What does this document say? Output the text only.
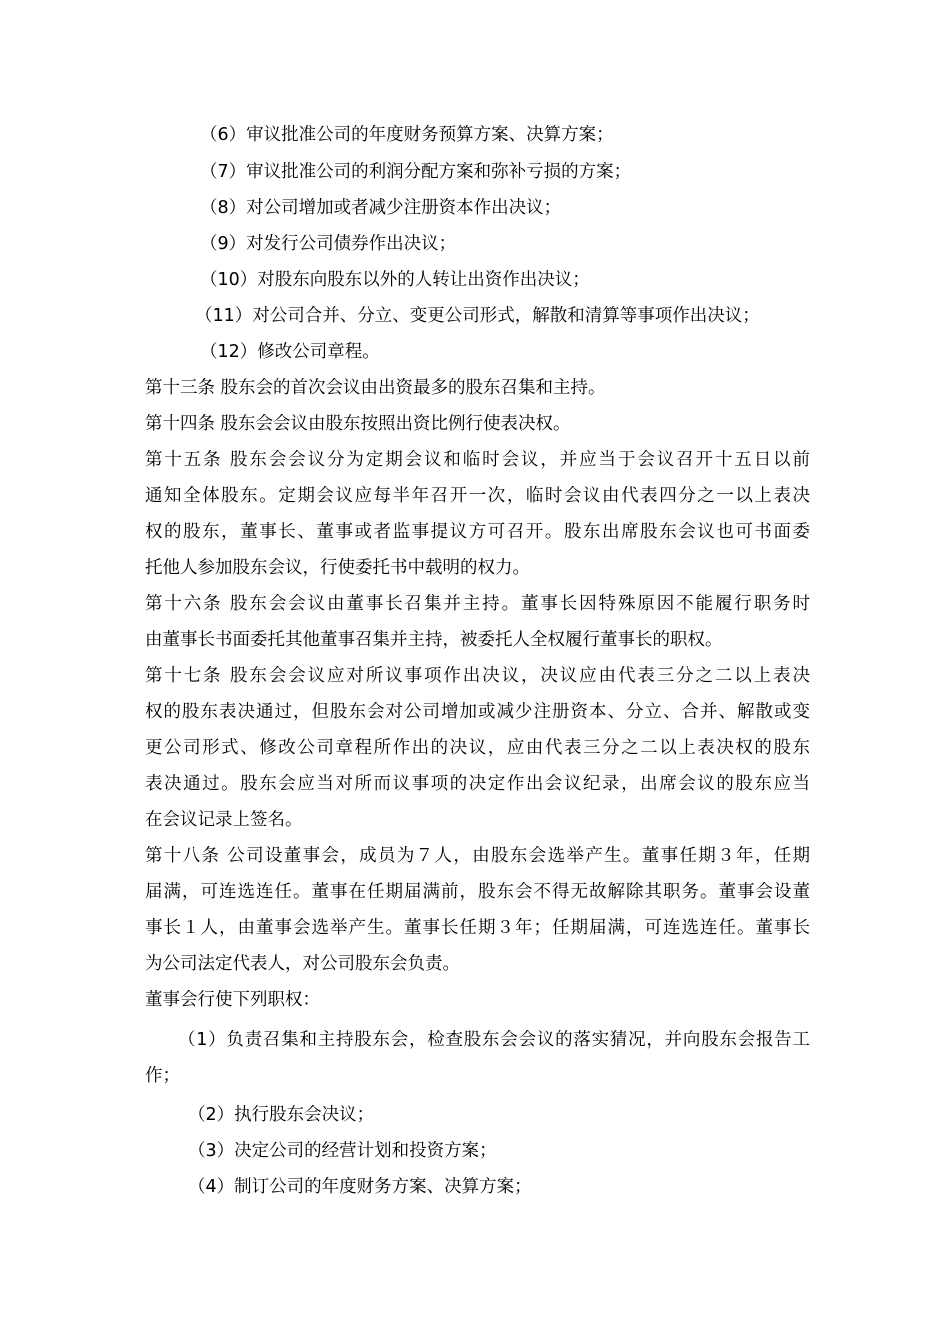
（6）审议批准公司的年度财务预算方案、决算方案；
（7）审议批准公司的利润分配方案和弥补亏损的方案；
（8）对公司增加或者减少注册资本作出决议；
（9）对发行公司债券作出决议；
（10）对股东向股东以外的人转让出资作出决议；
（11）对公司合并、分立、变更公司形式，解散和清算等事项作出决议；
（12）修改公司章程。
第十三条 股东会的首次会议由出资最多的股东召集和主持。
第十四条 股东会会议由股东按照出资比例行使表决权。
第十五条 股东会会议分为定期会议和临时会议，并应当于会议召开十五日以前
通知全体股东。定期会议应每半年召开一次，临时会议由代表四分之一以上表决
权的股东，董事长、董事或者监事提议方可召开。股东出席股东会议也可书面委
托他人参加股东会议，行使委托书中载明的权力。
第十六条 股东会会议由董事长召集并主持。董事长因特殊原因不能履行职务时
由董事长书面委托其他董事召集并主持，被委托人全权履行董事长的职权。
第十七条 股东会会议应对所议事项作出决议，决议应由代表三分之二以上表决
权的股东表决通过，但股东会对公司增加或减少注册资本、分立、合并、解散或变
更公司形式、修改公司章程所作出的决议，应由代表三分之二以上表决权的股东
表决通过。股东会应当对所而议事项的决定作出会议纪录，出席会议的股东应当
在会议记录上签名。
第十八条 公司设董事会，成员为７人，由股东会选举产生。董事任期３年，任期
届满，可连选连任。董事在任期届满前，股东会不得无故解除其职务。董事会设董
事长１人，由董事会选举产生。董事长任期３年；任期届满，可连选连任。董事长
为公司法定代表人，对公司股东会负责。
董事会行使下列职权：
（1）负责召集和主持股东会，检查股东会会议的落实猜况，并向股东会报告工
作；
（2）执行股东会决议；
（3）决定公司的经营计划和投资方案；
（4）制订公司的年度财务方案、决算方案；
